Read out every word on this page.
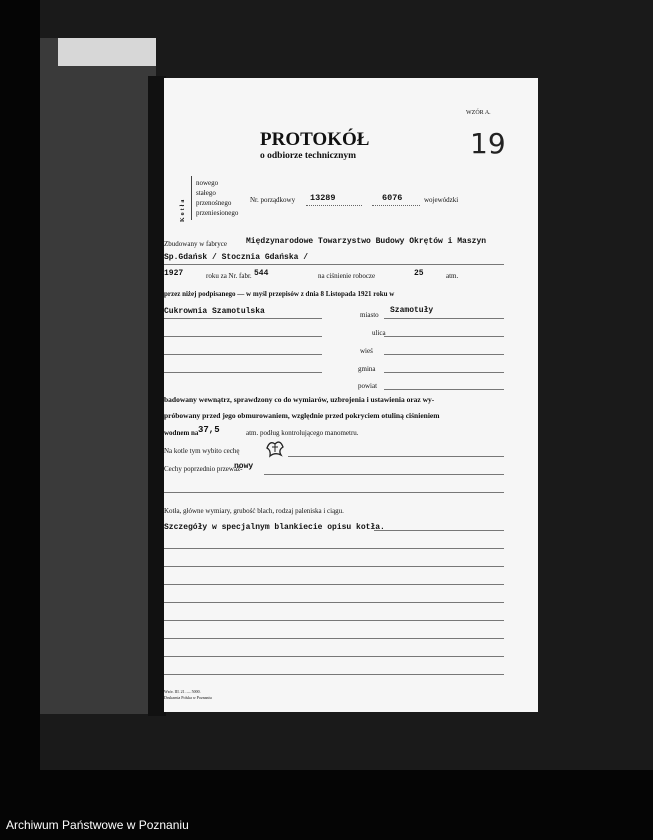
WZÓR A.
19
PROTOKÓŁ
o odbiorze technicznym
Kotła
nowego
stałego
przenośnego
przeniesionego
Nr. porządkowy 13289	6076	wojewódzki
Zbudowany w fabryce Międzynarodowe Towarzystwo Budowy Okrętów i Maszyn
Sp.Gdańsk / Stocznia Gdańska /
1927	roku za Nr. fabr. 544	na ciśnienie robocze	25	atm.
przez niżej podpisanego — w myśl przepisów z dnia 8 Listopada 1921 roku w
Cukrownia Szamotulska	miasto Szamotuły
ulica
wieś
gmina
powiat
badowany wewnątrz, sprawdzony co do wymiarów, uzbrojenia i ustawienia oraz wy-
próbowany przed jego obmurowaniem, względnie przed pokryciem otuliną ciśnieniem
wodnem na 37,5	atm. podług kontrolującego manometru.
Na kotle tym wybito cechę
Cechy poprzednio przeważ-
nowy
Kotła, główne wymiary, grubość blach, rodzaj paleniska i ciągu.
Szczegóły w specjalnym blankiecie opisu kotła.
Wzór. III. 21. — 5000.
Drukarnia Polska w Poznaniu
Archiwum Państwowe w Poznaniu
